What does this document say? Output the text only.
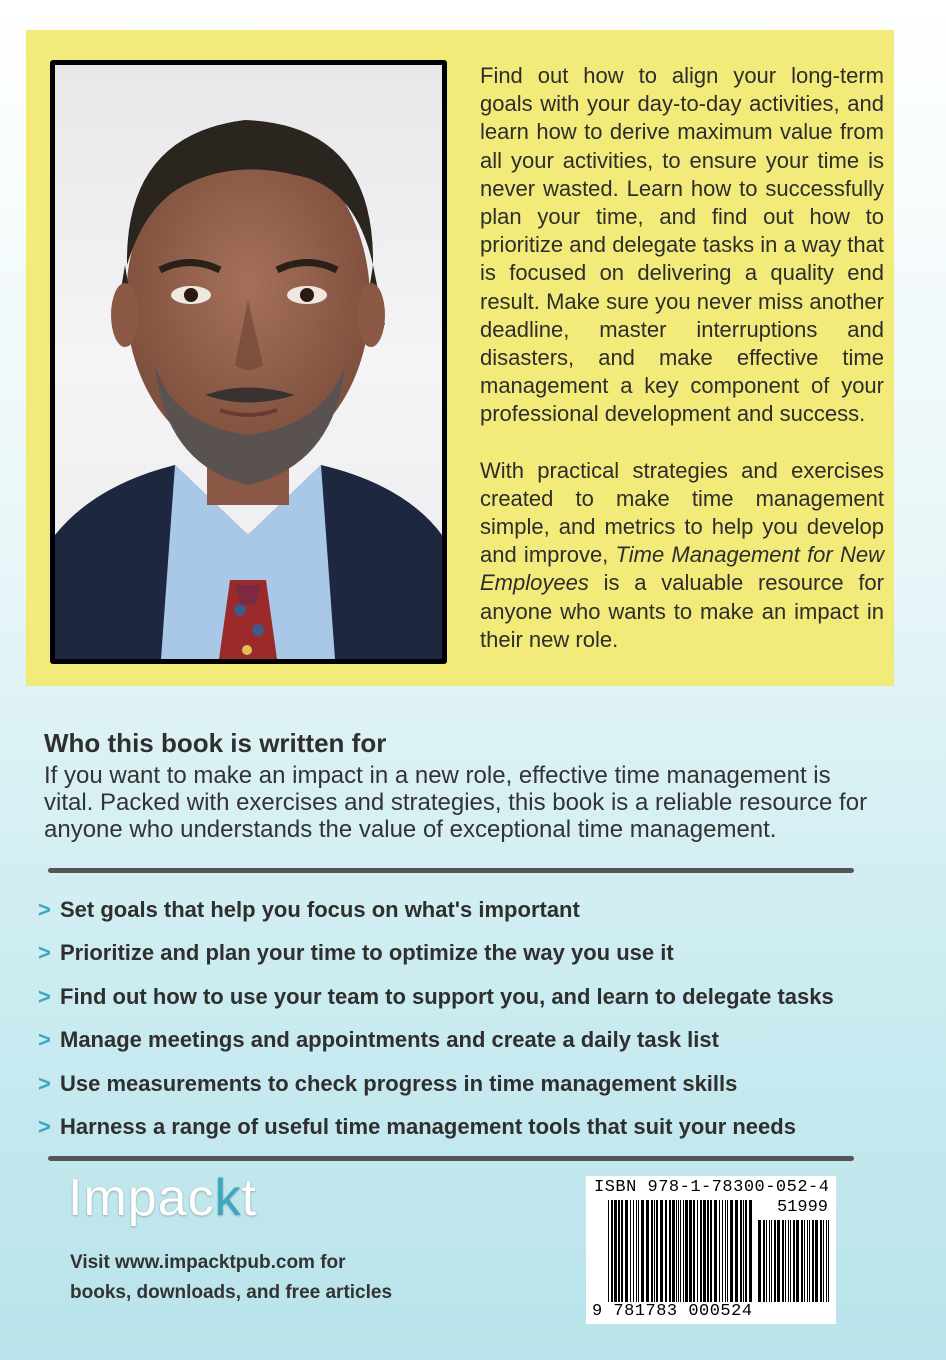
Find out how to align your long-term goals with your day-to-day activities, and learn how to derive maximum value from all your activities, to ensure your time is never wasted. Learn how to successfully plan your time, and find out how to prioritize and delegate tasks in a way that is focused on delivering a quality end result. Make sure you never miss another deadline, master interruptions and disasters, and make effective time management a key component of your professional development and success.

With practical strategies and exercises created to make time management simple, and metrics to help you develop and improve, Time Management for New Employees is a valuable resource for anyone who wants to make an impact in their new role.

Who this book is written for
If you want to make an impact in a new role, effective time management is vital. Packed with exercises and strategies, this book is a reliable resource for anyone who understands the value of exceptional time management.
> Set goals that help you focus on what's important
> Prioritize and plan your time to optimize the way you use it
> Find out how to use your team to support you, and learn to delegate tasks
> Manage meetings and appointments and create a daily task list
> Use measurements to check progress in time management skills
> Harness a range of useful time management tools that suit your needs
Impackt
Visit www.impacktpub.com for books, downloads, and free articles
ISBN 978-1-78300-052-4
51999
9 781783 000524
